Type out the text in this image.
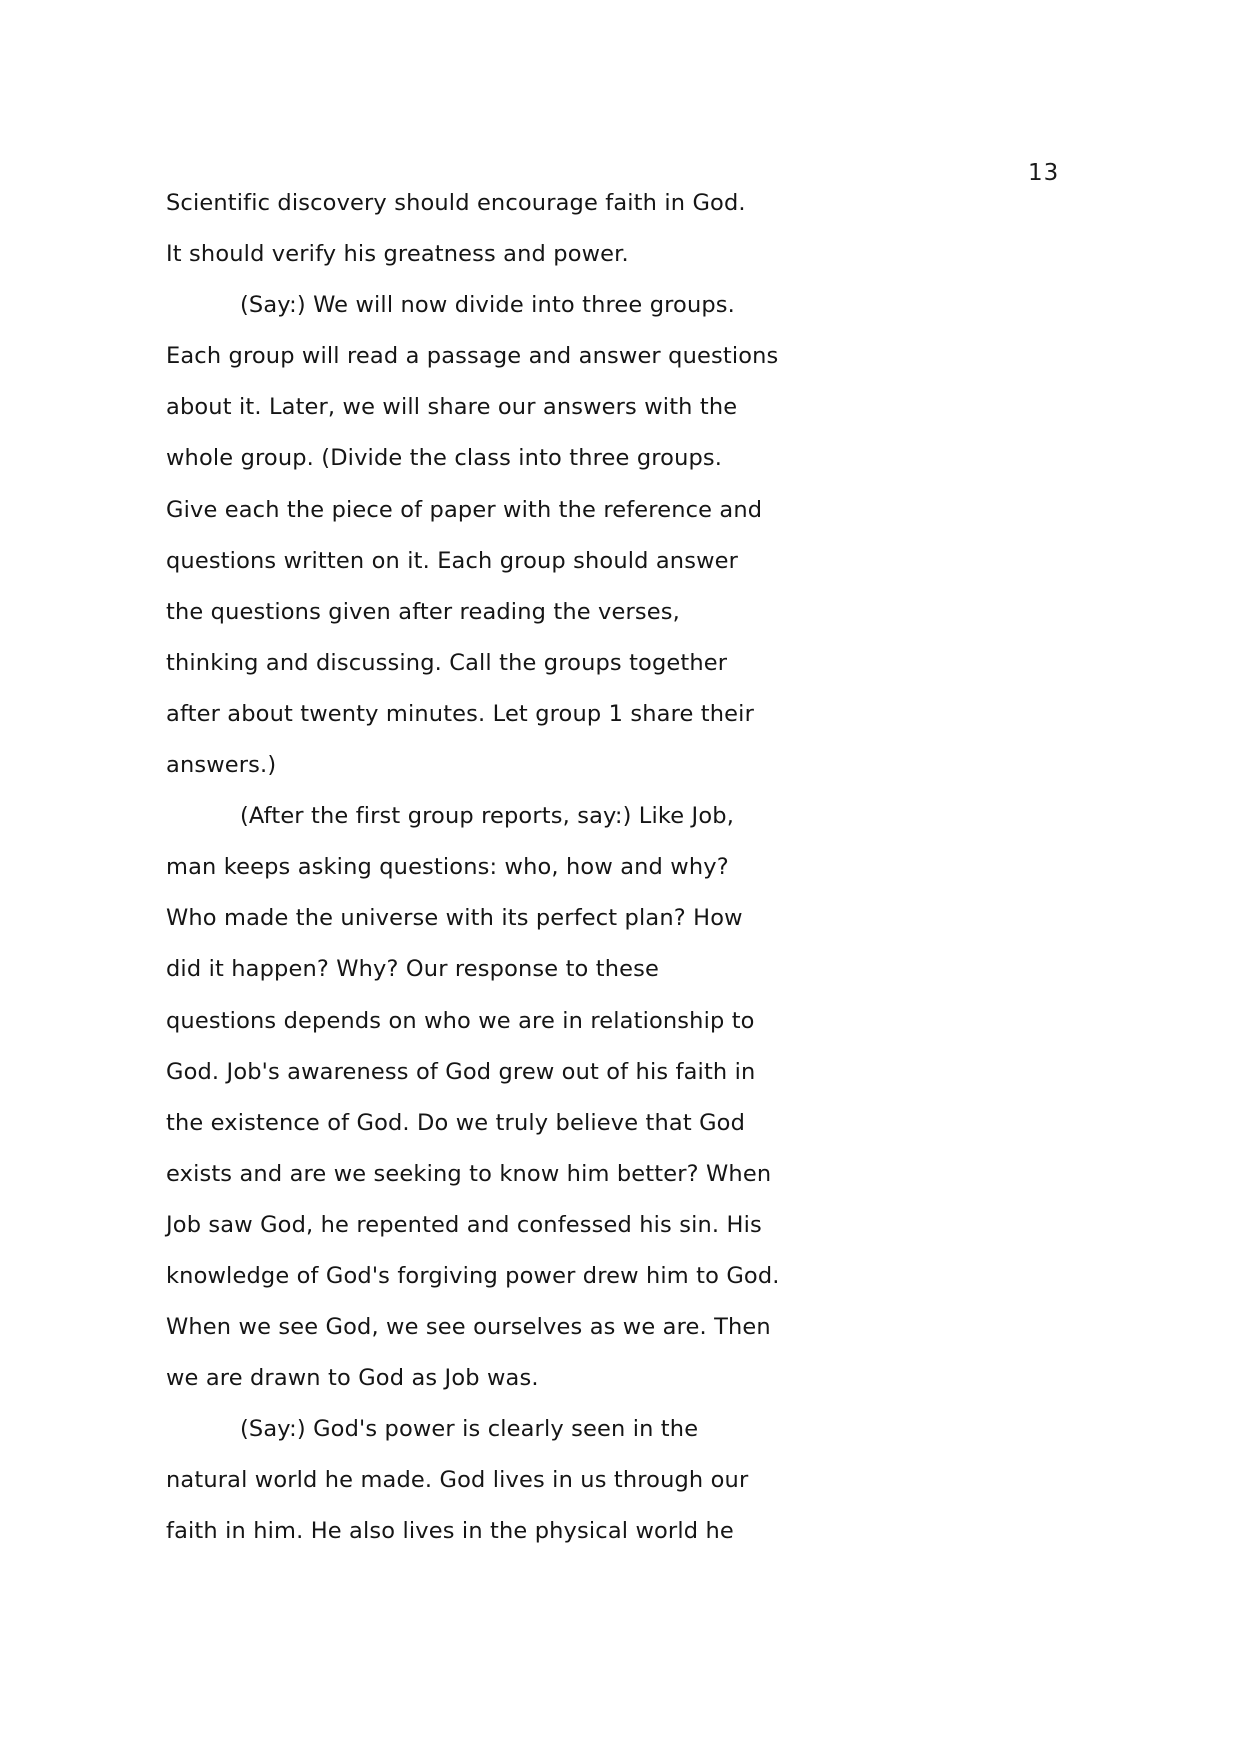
13
Scientific discovery should encourage faith in God.
It should verify his greatness and power.
(Say:) We will now divide into three groups.
Each group will read a passage and answer questions
about it. Later, we will share our answers with the
whole group. (Divide the class into three groups.
Give each the piece of paper with the reference and
questions written on it. Each group should answer
the questions given after reading the verses,
thinking and discussing. Call the groups together
after about twenty minutes. Let group 1 share their
answers.)
(After the first group reports, say:) Like Job,
man keeps asking questions: who, how and why?
Who made the universe with its perfect plan? How
did it happen? Why? Our response to these
questions depends on who we are in relationship to
God. Job's awareness of God grew out of his faith in
the existence of God. Do we truly believe that God
exists and are we seeking to know him better? When
Job saw God, he repented and confessed his sin. His
knowledge of God's forgiving power drew him to God.
When we see God, we see ourselves as we are. Then
we are drawn to God as Job was.
(Say:) God's power is clearly seen in the
natural world he made. God lives in us through our
faith in him. He also lives in the physical world he
